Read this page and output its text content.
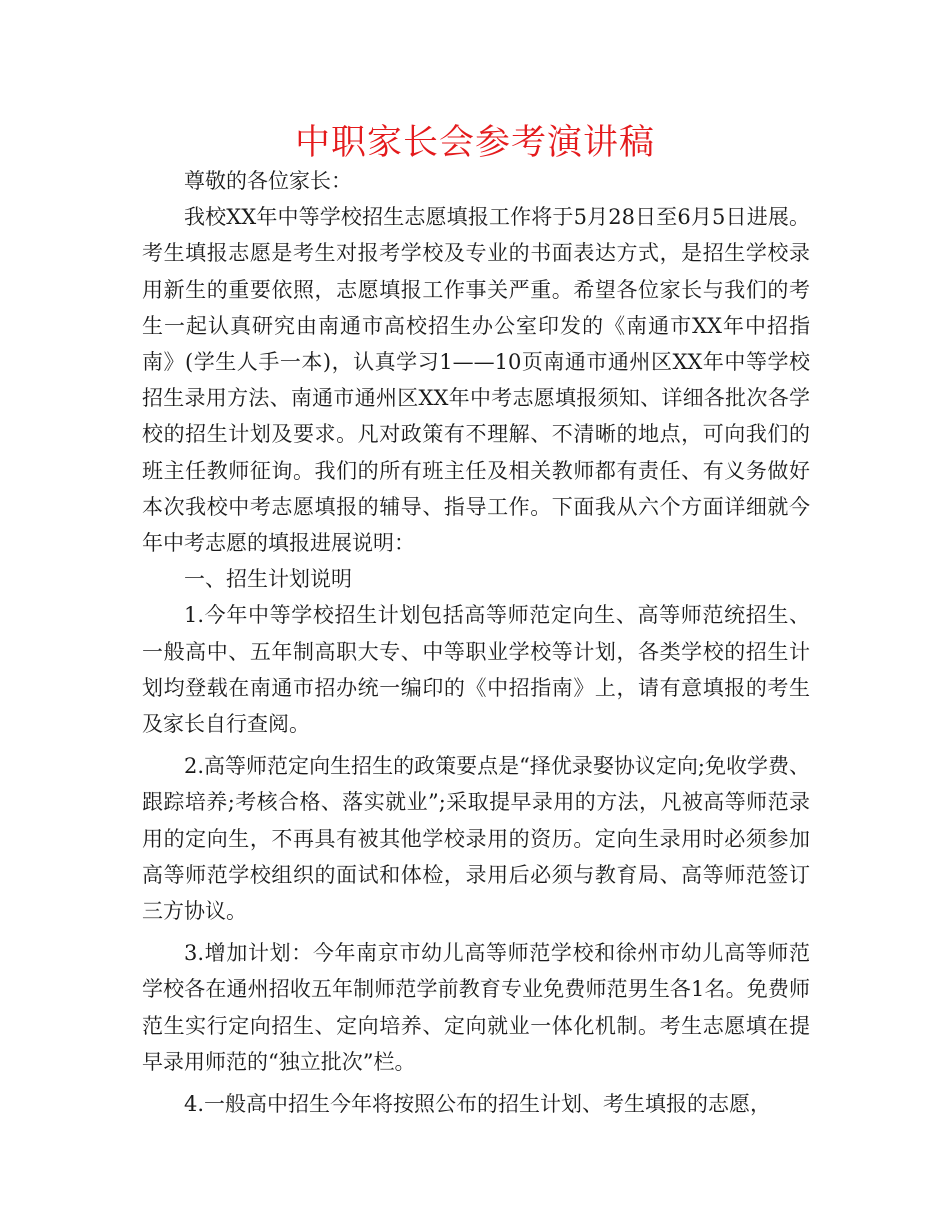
中职家长会参考演讲稿

尊敬的各位家长：

我校XX年中等学校招生志愿填报工作将于5月28日至6月5日进展。考生填报志愿是考生对报考学校及专业的书面表达方式，是招生学校录用新生的重要依照，志愿填报工作事关严重。希望各位家长与我们的考生一起认真研究由南通市高校招生办公室印发的《南通市XX年中招指南》(学生人手一本)，认真学习1——10页南通市通州区XX年中等学校招生录用方法、南通市通州区XX年中考志愿填报须知、详细各批次各学校的招生计划及要求。凡对政策有不理解、不清晰的地点，可向我们的班主任教师征询。我们的所有班主任及相关教师都有责任、有义务做好本次我校中考志愿填报的辅导、指导工作。下面我从六个方面详细就今年中考志愿的填报进展说明：

一、招生计划说明

1.今年中等学校招生计划包括高等师范定向生、高等师范统招生、一般高中、五年制高职大专、中等职业学校等计划，各类学校的招生计划均登载在南通市招办统一编印的《中招指南》上，请有意填报的考生及家长自行查阅。

2.高等师范定向生招生的政策要点是“择优录娶协议定向;免收学费、跟踪培养;考核合格、落实就业”;采取提早录用的方法，凡被高等师范录用的定向生，不再具有被其他学校录用的资历。定向生录用时必须参加高等师范学校组织的面试和体检，录用后必须与教育局、高等师范签订三方协议。

3.增加计划：今年南京市幼儿高等师范学校和徐州市幼儿高等师范学校各在通州招收五年制师范学前教育专业免费师范男生各1名。免费师范生实行定向招生、定向培养、定向就业一体化机制。考生志愿填在提早录用师范的“独立批次”栏。

4.一般高中招生今年将按照公布的招生计划、考生填报的志愿，
